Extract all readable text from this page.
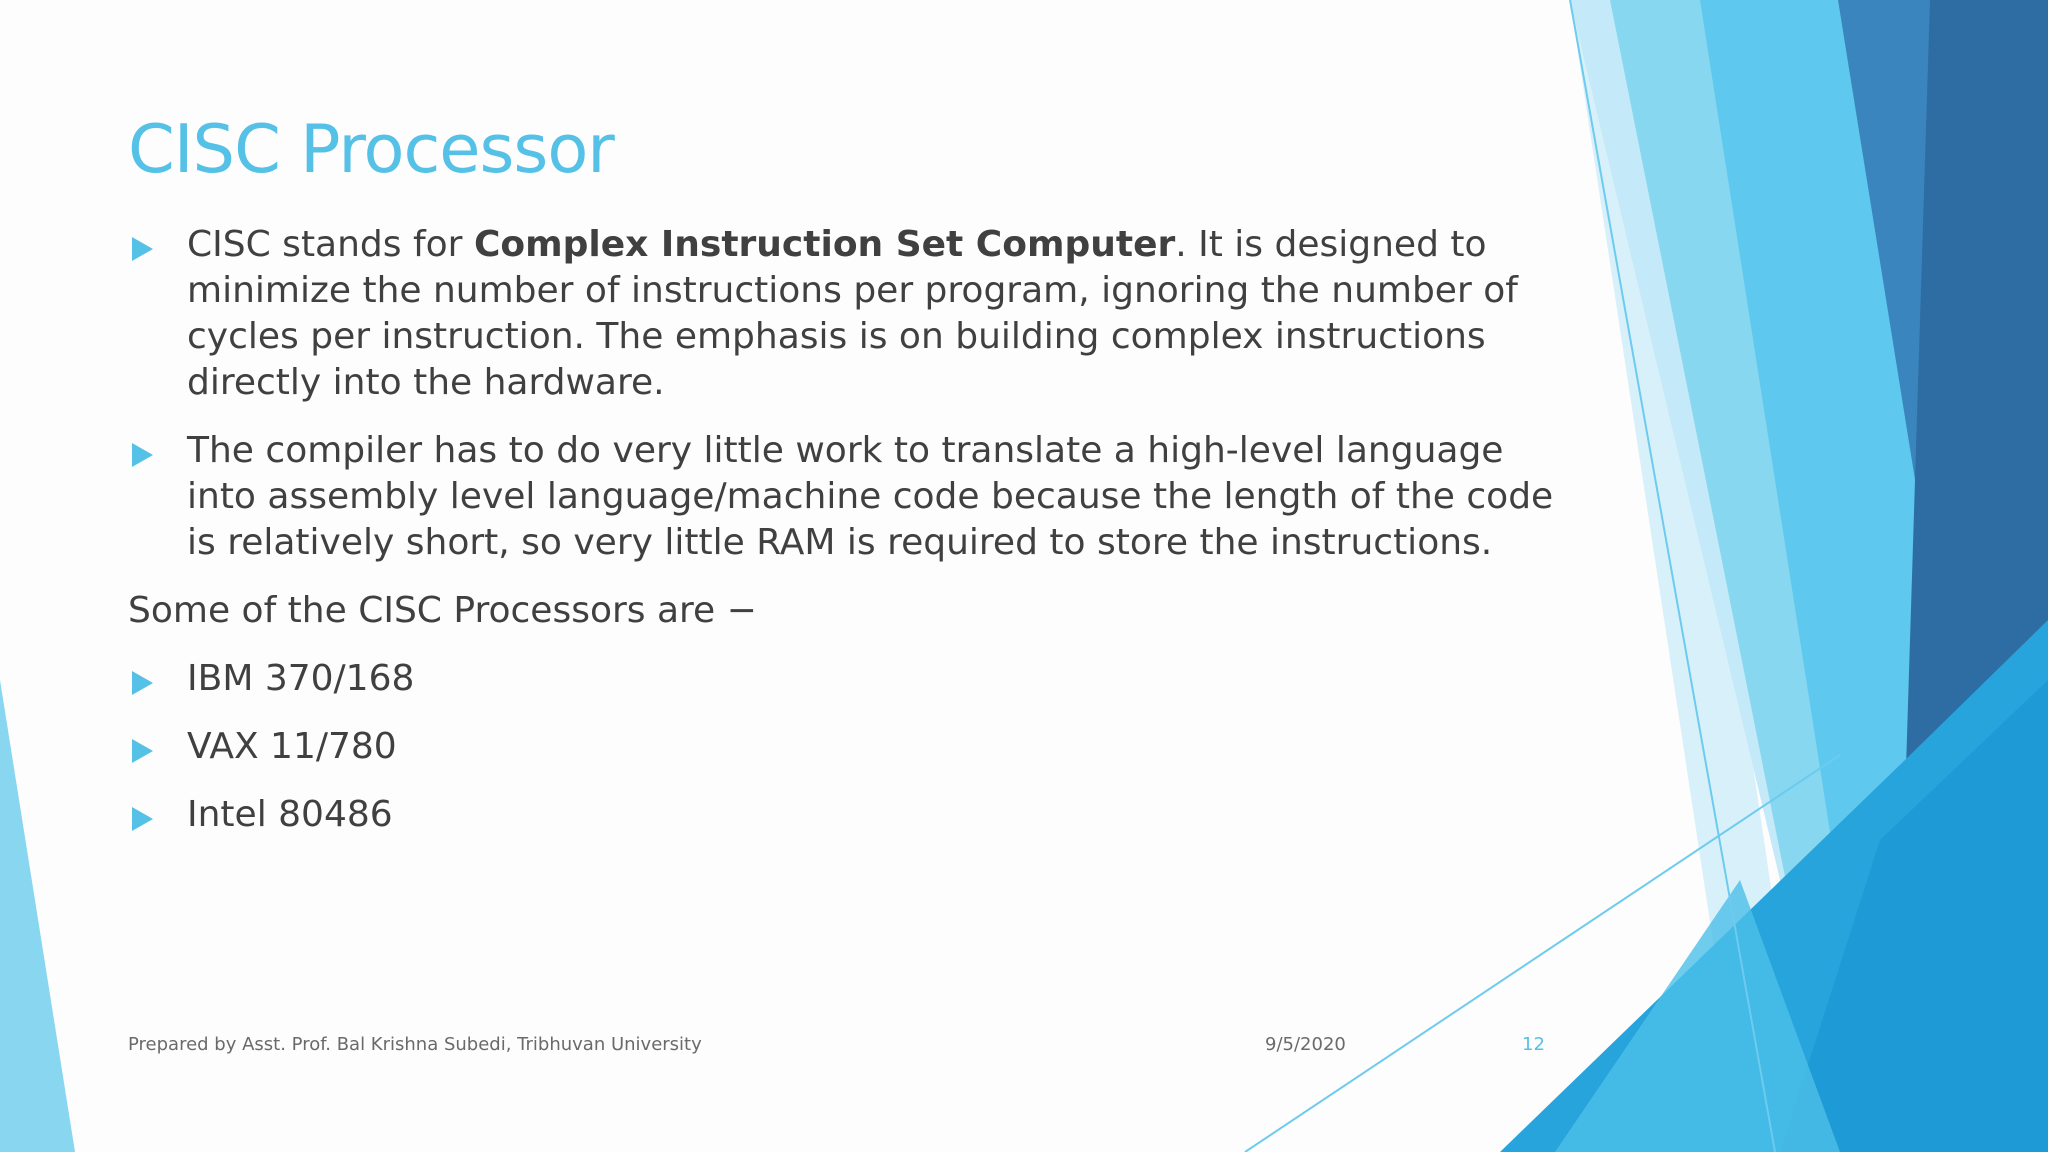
CISC Processor
CISC stands for Complex Instruction Set Computer. It is designed to minimize the number of instructions per program, ignoring the number of cycles per instruction. The emphasis is on building complex instructions directly into the hardware.
The compiler has to do very little work to translate a high-level language into assembly level language/machine code because the length of the code is relatively short, so very little RAM is required to store the instructions.
Some of the CISC Processors are −
IBM 370/168
VAX 11/780
Intel 80486
Prepared by Asst. Prof. Bal Krishna Subedi, Tribhuvan University	9/5/2020	12
